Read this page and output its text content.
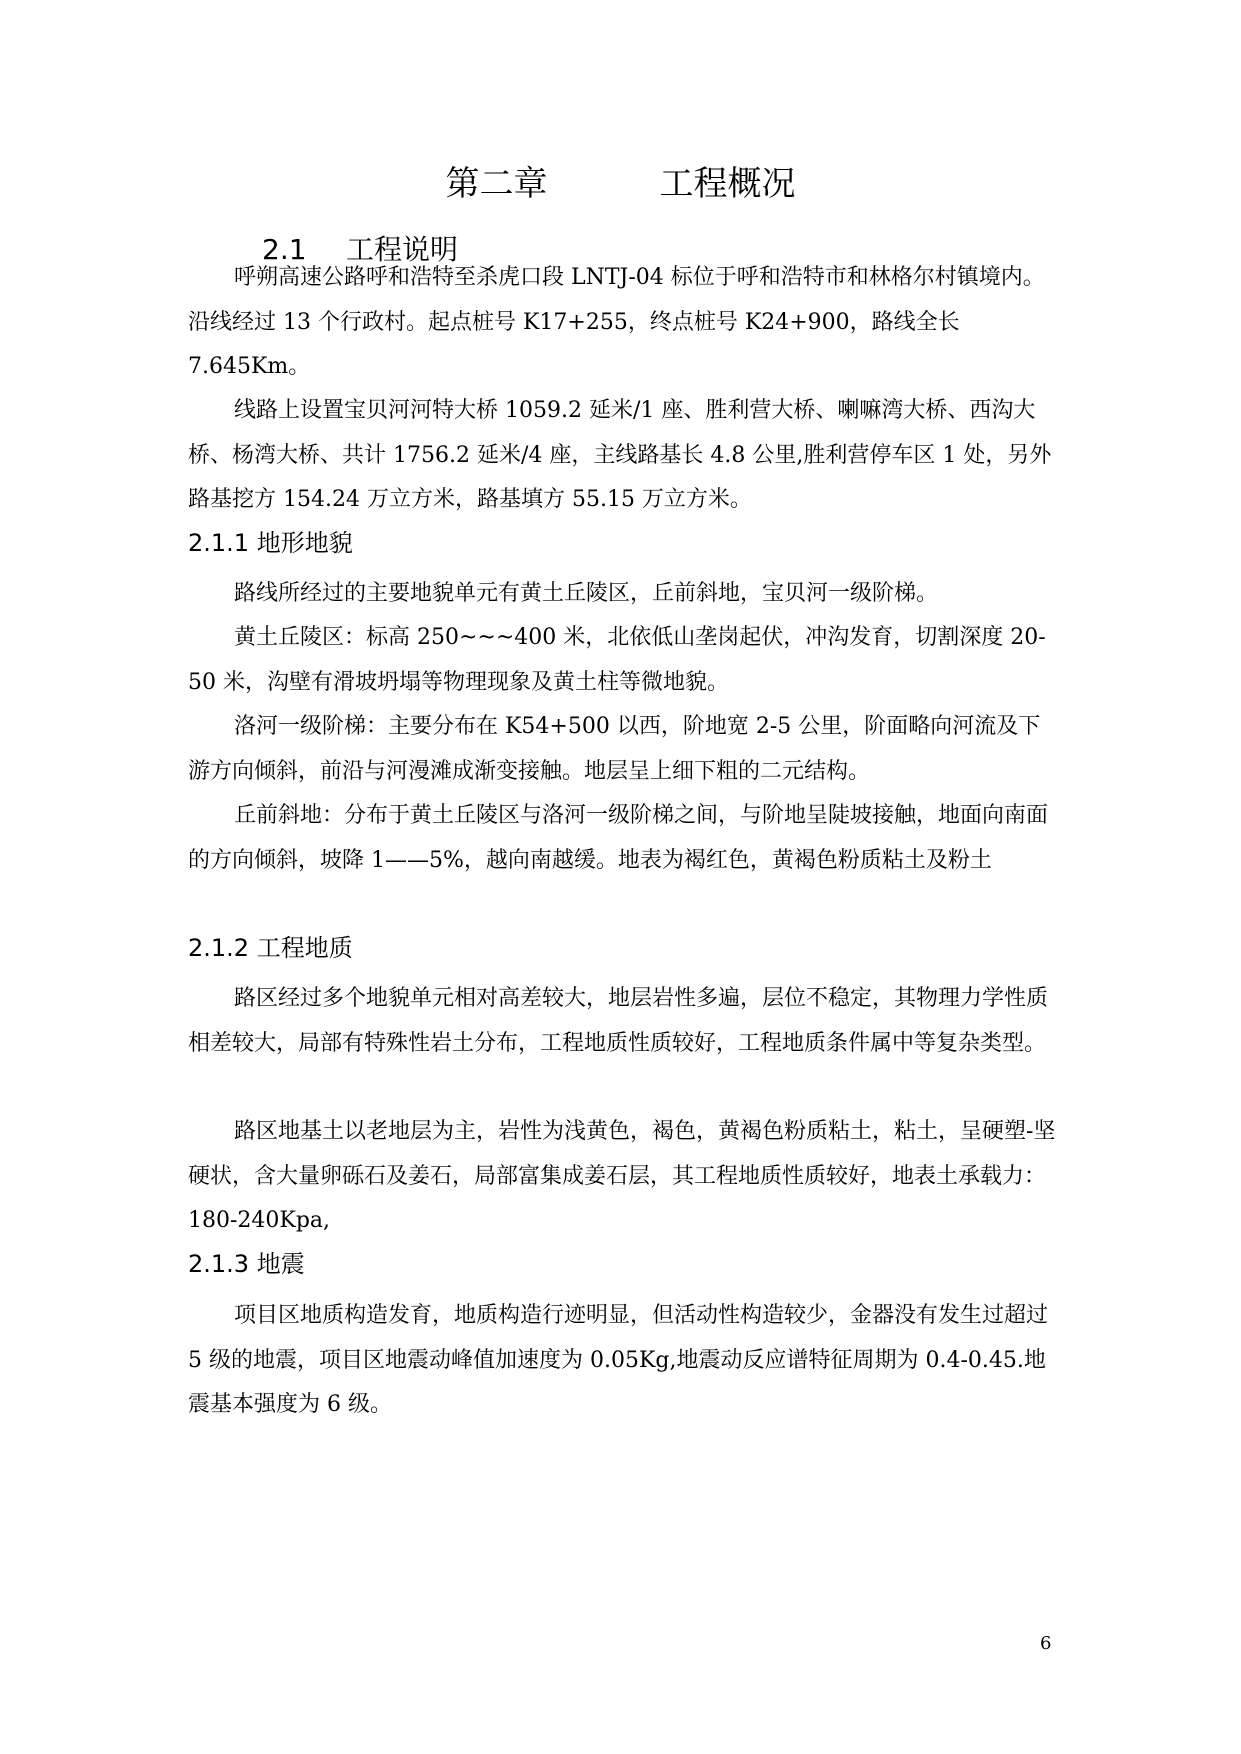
第二章	工程概况
2.1 工程说明

呼朔高速公路呼和浩特至杀虎口段 LNTJ-04 标位于呼和浩特市和林格尔村镇境内。沿线经过 13 个行政村。起点桩号 K17+255，终点桩号 K24+900，路线全长 7.645Km。

线路上设置宝贝河河特大桥 1059.2 延米/1 座、胜利营大桥、喇嘛湾大桥、西沟大桥、杨湾大桥、共计 1756.2 延米/4 座，主线路基长 4.8 公里,胜利营停车区 1 处，另外路基挖方 154.24 万立方米，路基填方 55.15 万立方米。

2.1.1 地形地貌

路线所经过的主要地貌单元有黄土丘陵区，丘前斜地，宝贝河一级阶梯。

黄土丘陵区：标高 250~~~400 米，北依低山垄岗起伏，冲沟发育，切割深度 20-50 米，沟壁有滑坡坍塌等物理现象及黄土柱等微地貌。

洛河一级阶梯：主要分布在 K54+500 以西，阶地宽 2-5 公里，阶面略向河流及下游方向倾斜，前沿与河漫滩成渐变接触。地层呈上细下粗的二元结构。

丘前斜地：分布于黄土丘陵区与洛河一级阶梯之间，与阶地呈陡坡接触，地面向南面的方向倾斜，坡降 1——5%，越向南越缓。地表为褐红色，黄褐色粉质粘土及粉土

2.1.2 工程地质

路区经过多个地貌单元相对高差较大，地层岩性多遍，层位不稳定，其物理力学性质相差较大，局部有特殊性岩土分布，工程地质性质较好，工程地质条件属中等复杂类型。

路区地基土以老地层为主，岩性为浅黄色，褐色，黄褐色粉质粘土，粘土，呈硬塑-坚硬状，含大量卵砾石及姜石，局部富集成姜石层，其工程地质性质较好，地表土承载力：180-240Kpa,

2.1.3 地震

项目区地质构造发育，地质构造行迹明显，但活动性构造较少，金器没有发生过超过 5 级的地震，项目区地震动峰值加速度为 0.05Kg,地震动反应谱特征周期为 0.4-0.45.地震基本强度为 6 级。

6
